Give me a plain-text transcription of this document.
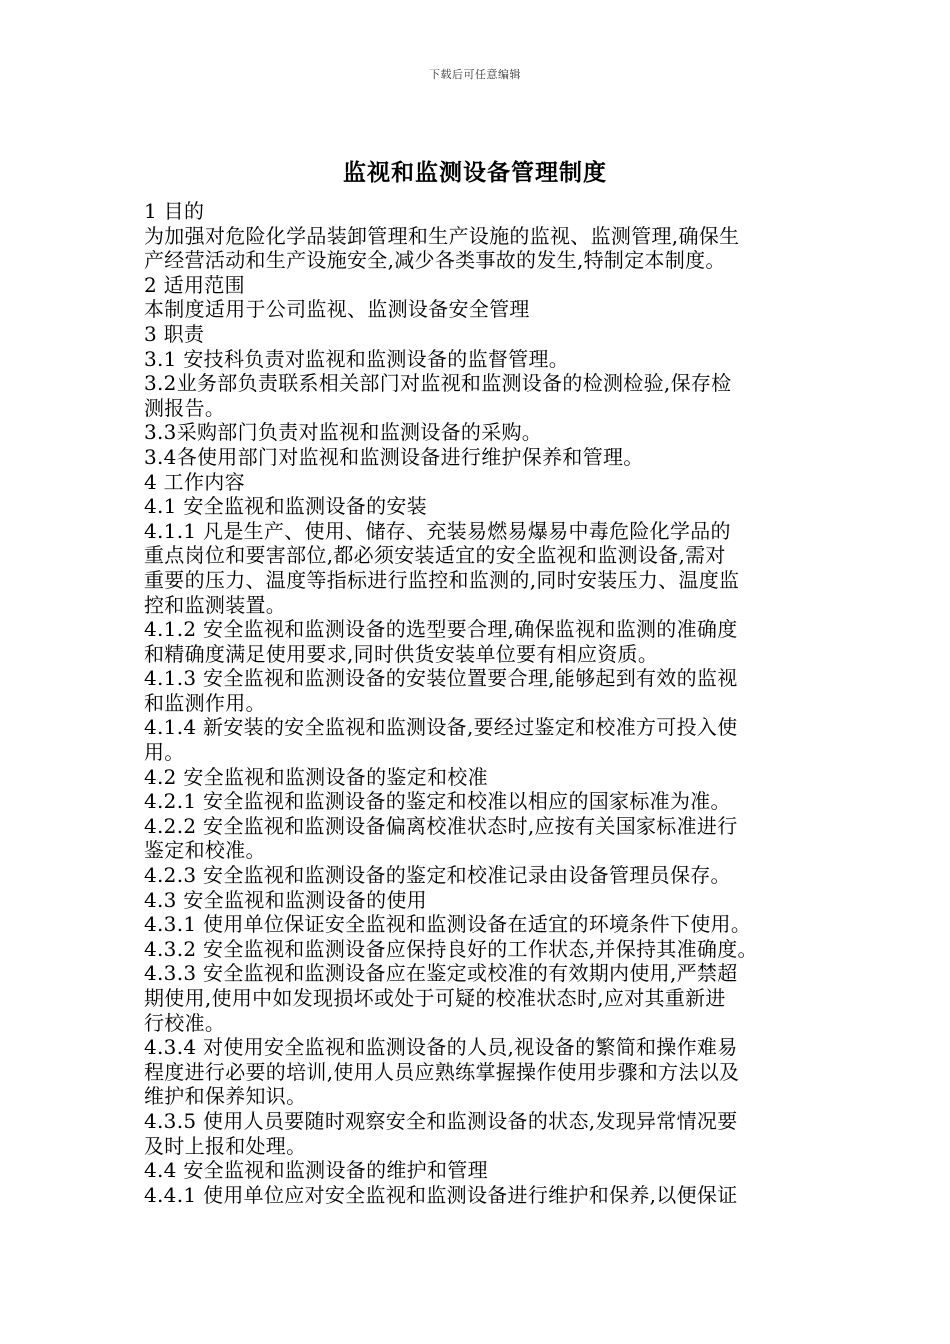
下载后可任意编辑
监视和监测设备管理制度
1 目的
为加强对危险化学品装卸管理和生产设施的监视、监测管理,确保生
产经营活动和生产设施安全,减少各类事故的发生,特制定本制度。
2 适用范围
本制度适用于公司监视、监测设备安全管理
3 职责
3.1 安技科负责对监视和监测设备的监督管理。
3.2业务部负责联系相关部门对监视和监测设备的检测检验,保存检
测报告。
3.3采购部门负责对监视和监测设备的采购。
3.4各使用部门对监视和监测设备进行维护保养和管理。
4 工作内容
4.1 安全监视和监测设备的安装
4.1.1 凡是生产、使用、储存、充装易燃易爆易中毒危险化学品的
重点岗位和要害部位,都必须安装适宜的安全监视和监测设备,需对
重要的压力、温度等指标进行监控和监测的,同时安装压力、温度监
控和监测装置。
4.1.2 安全监视和监测设备的选型要合理,确保监视和监测的准确度
和精确度满足使用要求,同时供货安装单位要有相应资质。
4.1.3 安全监视和监测设备的安装位置要合理,能够起到有效的监视
和监测作用。
4.1.4 新安装的安全监视和监测设备,要经过鉴定和校准方可投入使
用。
4.2 安全监视和监测设备的鉴定和校准
4.2.1 安全监视和监测设备的鉴定和校准以相应的国家标准为准。
4.2.2 安全监视和监测设备偏离校准状态时,应按有关国家标准进行
鉴定和校准。
4.2.3 安全监视和监测设备的鉴定和校准记录由设备管理员保存。
4.3 安全监视和监测设备的使用
4.3.1 使用单位保证安全监视和监测设备在适宜的环境条件下使用。
4.3.2 安全监视和监测设备应保持良好的工作状态,并保持其准确度。
4.3.3 安全监视和监测设备应在鉴定或校准的有效期内使用,严禁超
期使用,使用中如发现损坏或处于可疑的校准状态时,应对其重新进
行校准。
4.3.4 对使用安全监视和监测设备的人员,视设备的繁简和操作难易
程度进行必要的培训,使用人员应熟练掌握操作使用步骤和方法以及
维护和保养知识。
4.3.5 使用人员要随时观察安全和监测设备的状态,发现异常情况要
及时上报和处理。
4.4 安全监视和监测设备的维护和管理
4.4.1 使用单位应对安全监视和监测设备进行维护和保养,以便保证
